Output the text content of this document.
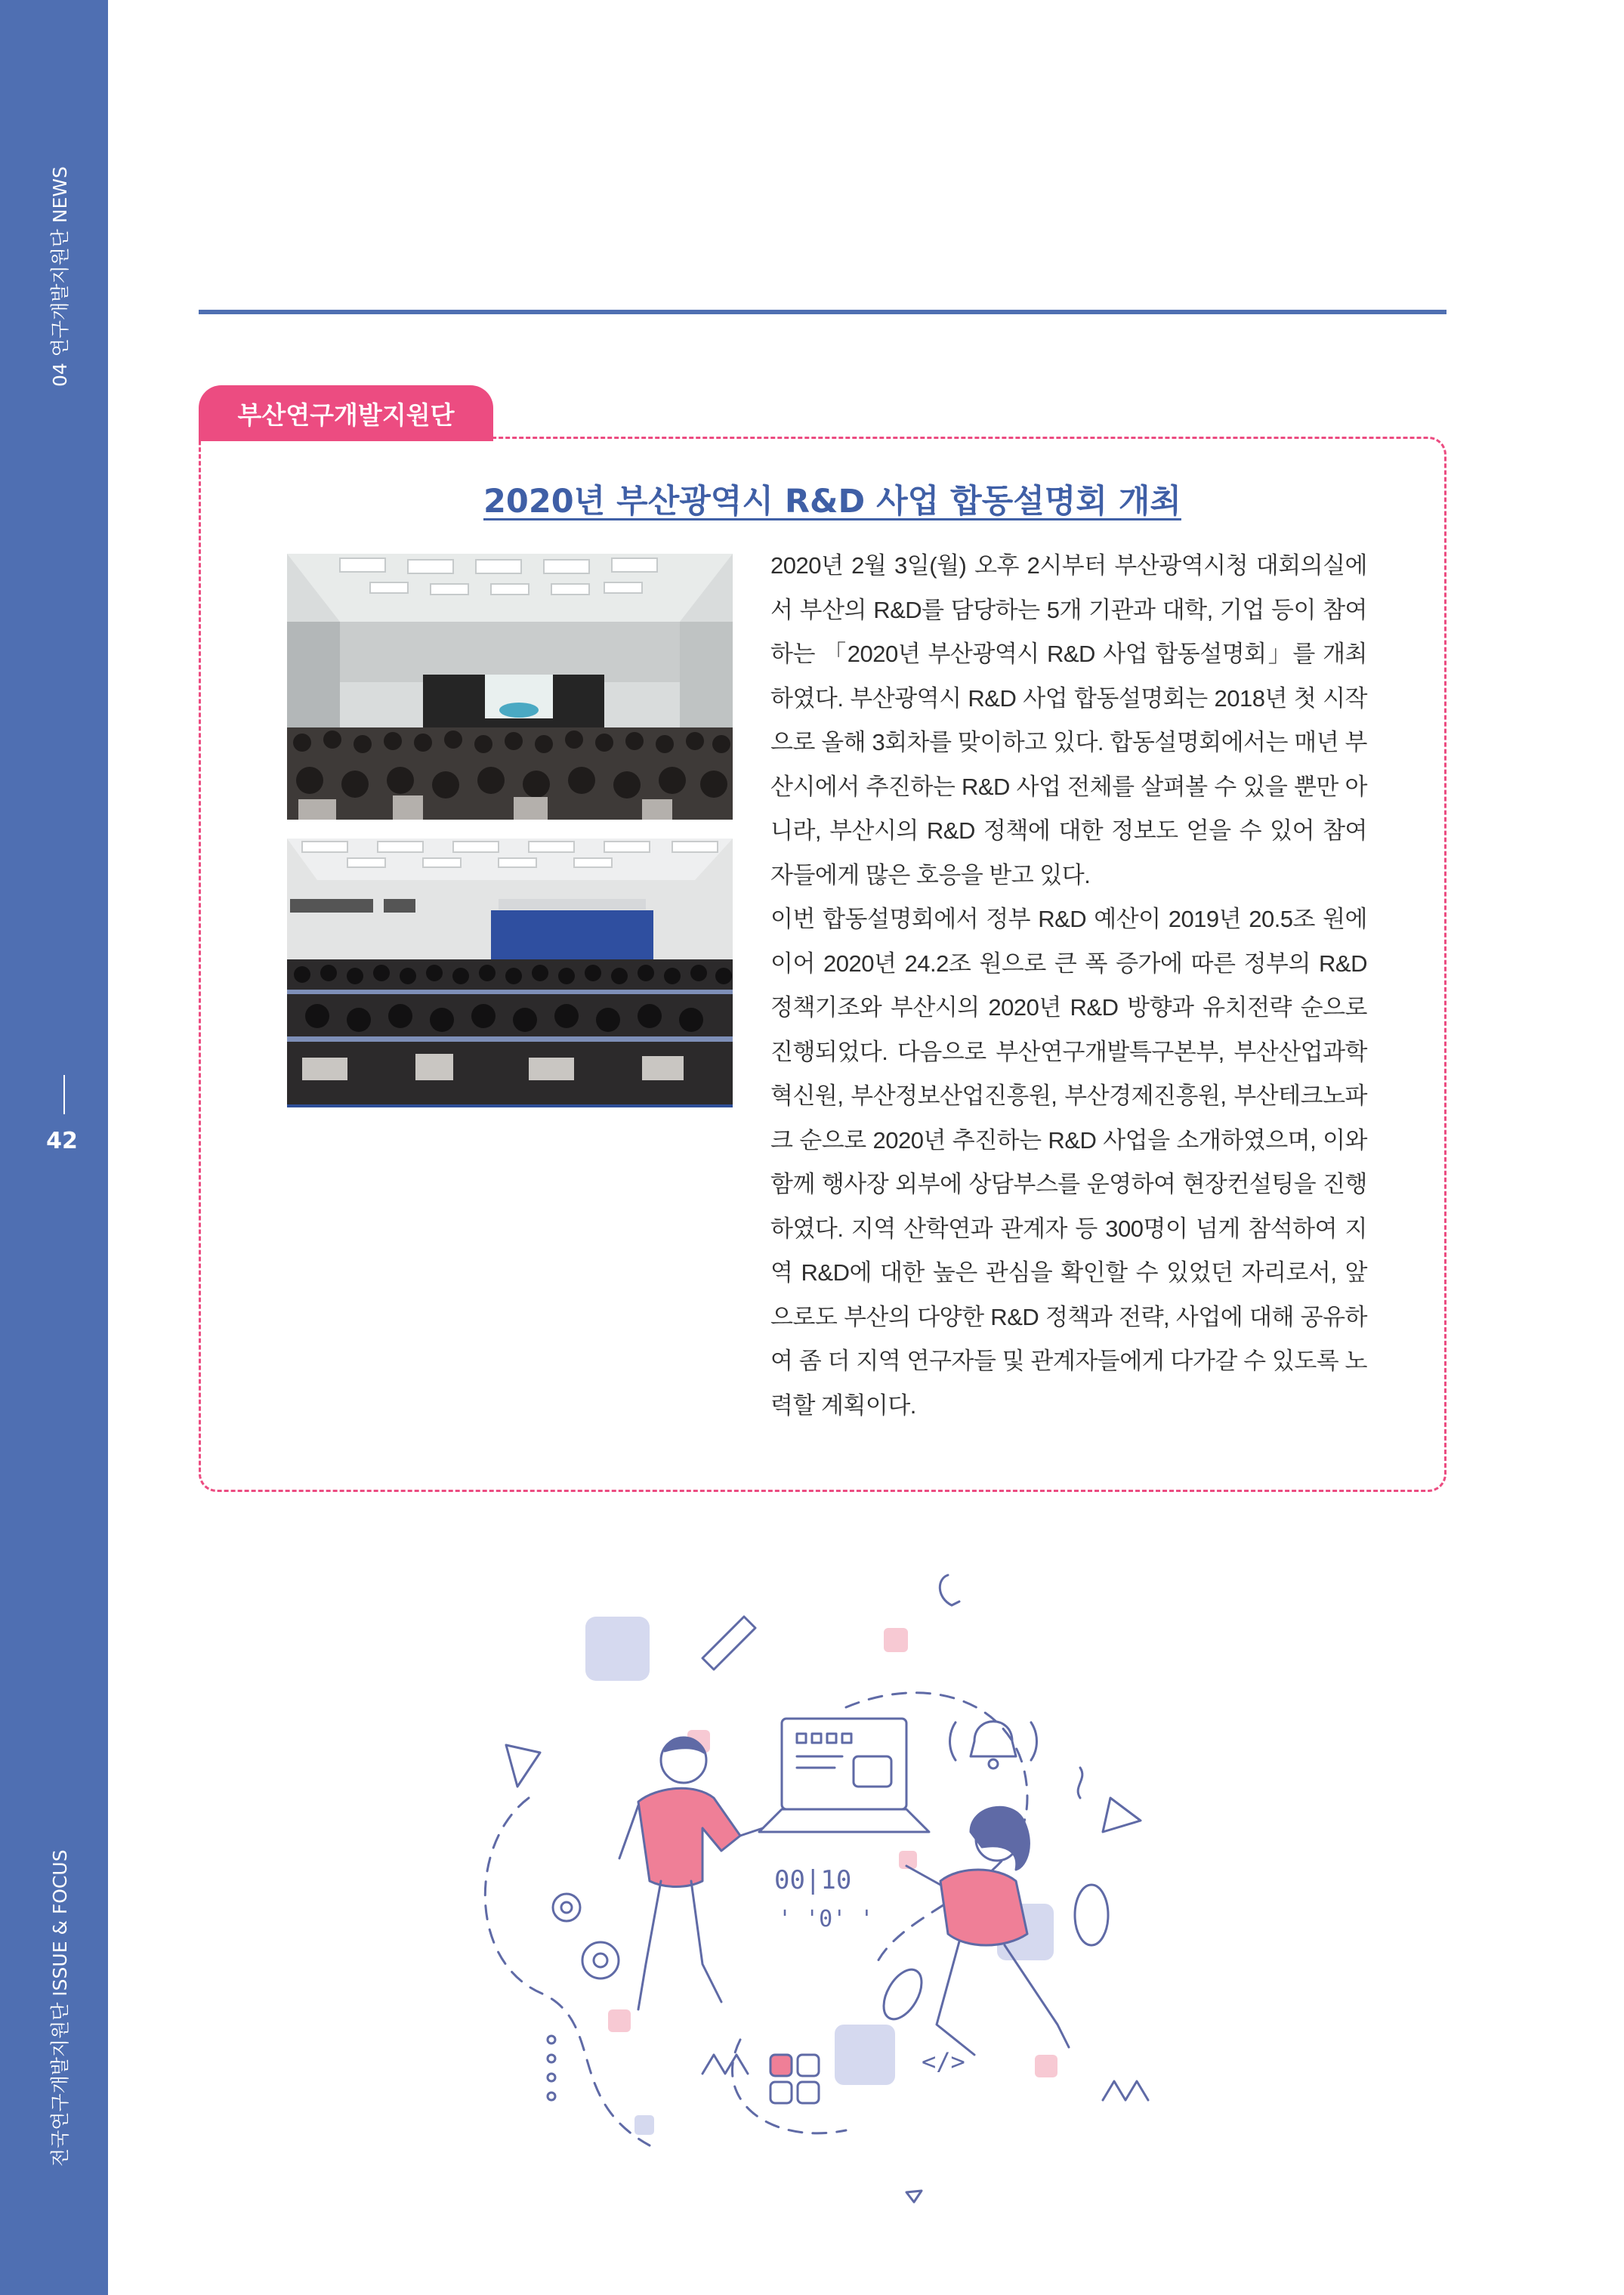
04 연구개발지원단 NEWS
42
전국연구개발지원단 ISSUE & FOCUS
부산연구개발지원단
2020년 부산광역시 R&D 사업 합동설명회 개최

2020년 2월 3일(월) 오후 2시부터 부산광역시청 대회의실에서 부산의 R&D를 담당하는 5개 기관과 대학, 기업 등이 참여하는 「2020년 부산광역시 R&D 사업 합동설명회」를 개최하였다. 부산광역시 R&D 사업 합동설명회는 2018년 첫 시작으로 올해 3회차를 맞이하고 있다. 합동설명회에서는 매년 부산시에서 추진하는 R&D 사업 전체를 살펴볼 수 있을 뿐만 아니라, 부산시의 R&D 정책에 대한 정보도 얻을 수 있어 참여자들에게 많은 호응을 받고 있다.

이번 합동설명회에서 정부 R&D 예산이 2019년 20.5조 원에 이어 2020년 24.2조 원으로 큰 폭 증가에 따른 정부의 R&D 정책기조와 부산시의 2020년 R&D 방향과 유치전략 순으로 진행되었다. 다음으로 부산연구개발특구본부, 부산산업과학혁신원, 부산정보산업진흥원, 부산경제진흥원, 부산테크노파크 순으로 2020년 추진하는 R&D 사업을 소개하였으며, 이와 함께 행사장 외부에 상담부스를 운영하여 현장컨설팅을 진행하였다. 지역 산학연과 관계자 등 300명이 넘게 참석하여 지역 R&D에 대한 높은 관심을 확인할 수 있었던 자리로서, 앞으로도 부산의 다양한 R&D 정책과 전략, 사업에 대해 공유하여 좀 더 지역 연구자들 및 관계자들에게 다가갈 수 있도록 노력할 계획이다.

00|10
' '0' '
</>
